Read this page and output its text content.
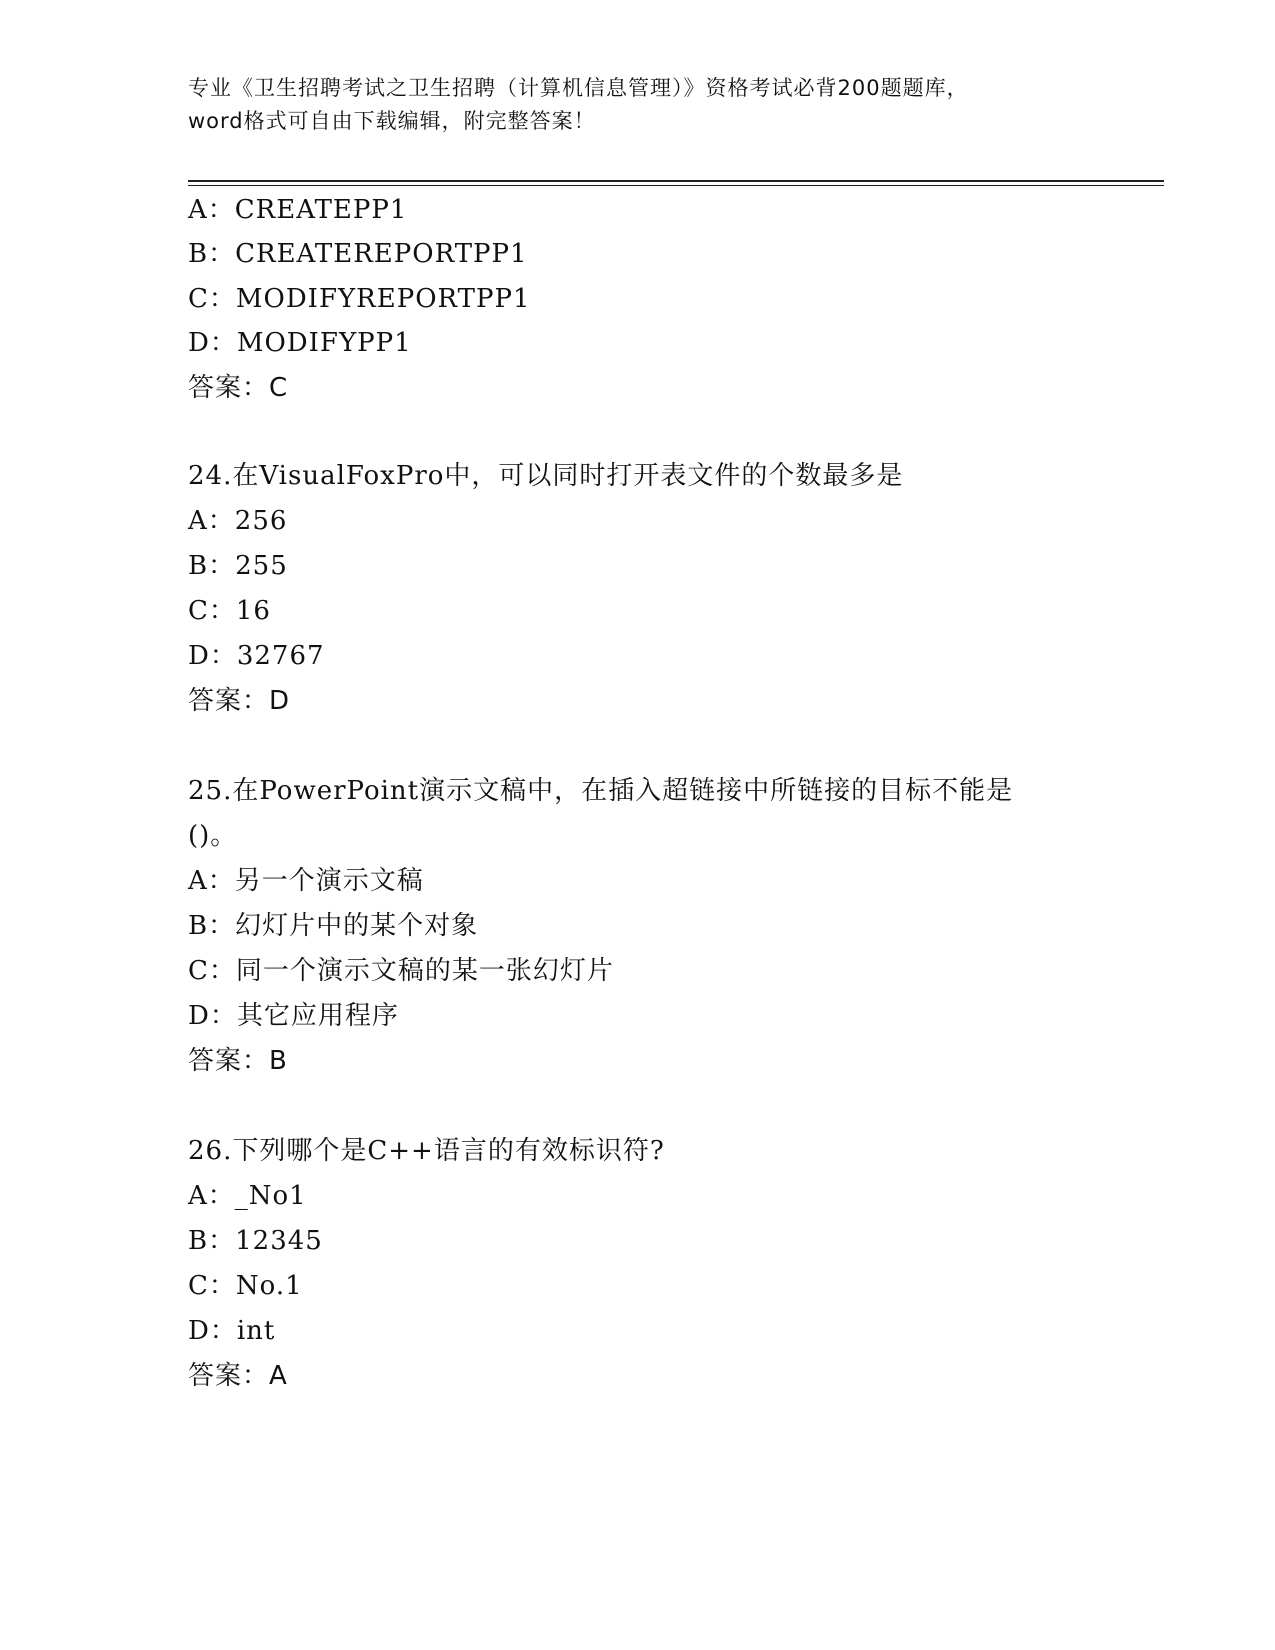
专业《卫生招聘考试之卫生招聘（计算机信息管理）》资格考试必背200题题库，
word格式可自由下载编辑，附完整答案！
A：CREATEPP1
B：CREATEREPORTPP1
C：MODIFYREPORTPP1
D：MODIFYPP1
答案：C
24.在VisualFoxPro中，可以同时打开表文件的个数最多是
A：256
B：255
C：16
D：32767
答案：D
25.在PowerPoint演示文稿中，在插入超链接中所链接的目标不能是
()。
A：另一个演示文稿
B：幻灯片中的某个对象
C：同一个演示文稿的某一张幻灯片
D：其它应用程序
答案：B
26.下列哪个是C++语言的有效标识符?
A：_No1
B：12345
C：No.1
D：int
答案：A
